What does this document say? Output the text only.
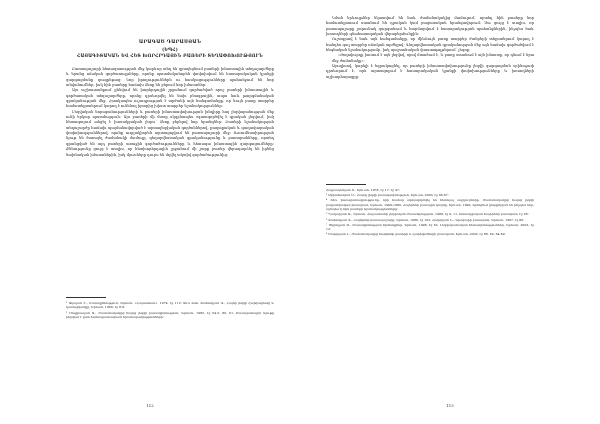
ԱՐԱԳԱԾ ԴԱՐԱՍՅԱՆ
(ԵՊՀ)
ՀԱՅԱԳԻՏԱԿԱՆ ԵՎ ՀԵՏ ԽՈՐՀՐԴԱՅԻՆ ԲԱՌԵՐԻ ՏԵՂԱՓՈԽՈՒԹՅՈՒՆ

Բառապաշարի հետազոտության մեջ կարևոր տեղ են զբաղեցնում բառերի իմաստային տեղաշարժերը և նրանց ոճական գործառույթները, որոնք պատմականորեն փոփոխվում են հասարակական կյանքի զարգացմանը զուգընթաց: Նոր իրողություններն ու հասկացությունները պահանջում են նոր անվանումներ, իսկ հին բառերը հաճախ ձեռք են բերում նոր իմաստներ:

Այս աշխատանքում քննվում են խորհրդային շրջանում գործածված որոշ բառերի իմաստային և գործառական տեղաշարժերը, որոնք դրսևորվել են նախ բնագրային, ապա նաև թարգմանական գրականության մեջ: Հատկապես ուշադրության է արժանի այն հանգամանքը, որ նույն բառը տարբեր համատեքստերում կարող է ունենալ իրարից խիստ տարբեր նշանակություններ:

Լեզվական նորաբանությունների և բառերի իմաստափոխության խնդիրը հայ լեզվաբանության մեջ ունի երկար պատմություն: Այս բառերի մի մասը սկզբնապես օգտագործվել է գրական լեզվում, իսկ հետագայում անցել է խոսակցական լեզու՝ ձեռք բերելով նոր երանգներ: Բառերի նշանակության տեղաշարժը հաճախ պայմանավորված է արտալեզվական գործոններով, քաղաքական և գաղափարական փոփոխություններով, որոնք ուղղակիորեն արտացոլվում են բառապաշարի մեջ: Ուսումնասիրության նյութ են ծառայել ժամանակի մամուլը, գեղարվեստական գրականությունը և բառարանները, որտեղ գրանցված են այդ բառերի առաջին գործածությունները և հետագա իմաստային զարգացումները: Քննությունը ցույց է տալիս, որ հետխորհրդային շրջանում մի շարք բառեր վերադարձել են իրենց նախնական իմաստներին, իսկ մյուսները դուրս են մղվել ակտիվ գործածությունից:

¹ Աղայան Է., Բառաքննություն, Երևան, «Հայաստան», 1974, էջ 112: Տե՛ս նաև Ջահուկյան Գ., Հայոց լեզվի զարգացումը և կառուցվածքը, Երևան, 1969, էջ 8-9:

² Սուքիասյան Ա., Ժամանակակից հայոց լեզվի բառագիտություն, Երևան, 1982, էջ 64-5, 80, 61, Բառարանային նյութը բերվում է ըստ համապատասխան հրատարակությունների:

112

Նման երևույթներ նկատվում են նաև ժամանակակից մամուլում, որտեղ հին բառերը նոր համատեքստում ստանում են դրական կամ բացասական երանգավորում: Սա ցույց է տալիս, որ բառապաշարը շարունակ զարգանում և հարմարվում է հասարակության պահանջներին, ինչպես նաև խոսողների գնահատողական վերաբերմունքին:

Ուշագրավ է նաև այն հանգամանքը, որ միևնույն բառը տարբեր ժանրերի տեքստերում կարող է հանդես գալ տարբեր ոճական արժեքով: Գեղարվեստական գրականության մեջ այն հաճախ գործածվում է հեգնական նշանակությամբ, իսկ պաշտոնական փաստաթղթերում՝ չեզոք:

«Ժողովուրդը խոսում է այն լեզվով, որով մտածում է, և բառը ստանում է այն իմաստը, որ դնում է նրա մեջ ժամանակը»:

Այսպիսով, կարելի է եզրակացնել, որ բառերի իմաստափոխությունը լեզվի զարգացման օրինաչափ դրսևորում է, որն արտացոլում է հասարակական կյանքի փոփոխությունները և խոսողների աշխարհայացքը:

Հայրապետյան Տ., Երևան, 1978, էջ 17, էջ 47:

³ Աբրահամյան Ս., Հայոց լեզվի բառակազմություն, Երևան, 2003, էջ 66-67:

⁴ Տե՛ս բառարանագրությունը, որի համար օգտագործվել են հետևյալ աղբյուրները. Ժամանակակից հայոց լեզվի բացատրական բառարան, Երևան, 1969-1980, Հայերենի բառային կազմը, Երևան, 1990, որոնցում ընդգրկված են ինչպես նոր, այնպես էլ հին բառերի նշանակությունները:

⁵ Ղազարյան Ռ., Երևան, Հայաստանի լեզվական ժառանգություն, 1988, էջ 9, 11, Խոսակցական հայերենի բառարան, էջ 28:

⁶ Ջահուկյան Գ., Հայերենի բառապաշարը, Երևան, 1986, էջ 102, Հակոբյան Ն., Գրաբարի բառարան, Երևան, 1997, էջ 80:

⁷ Մկրտչյան Ա., Բառագիտության հիմունքներ, Երևան, 1998, էջ 62, Լեզվաբանական հետազոտություններ, Երևան, 2002, էջ 12:

⁸ Սարգսյան Լ., Ժամանակակից հայերենի բառերի և դարձվածների բառարան, Երևան, 2002, էջ 88, 62, 64-69:

113
